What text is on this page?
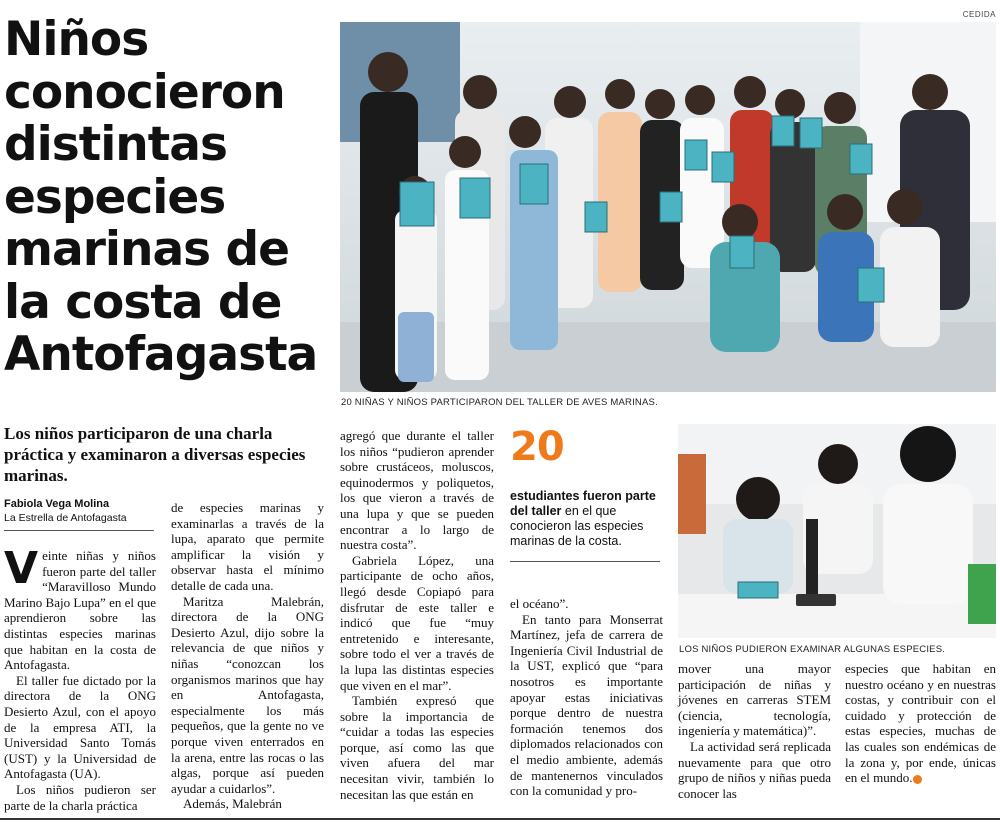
CEDIDA
Niños conocieron distintas especies marinas de la costa de Antofagasta
20 NIÑAS Y NIÑOS PARTICIPARON DEL TALLER DE AVES MARINAS.
Los niños participaron de una charla práctica y examinaron a diversas especies marinas.
Fabiola Vega Molina
La Estrella de Antofagasta

Veinte niñas y niños fueron parte del taller “Maravilloso Mundo Marino Bajo Lupa” en el que aprendieron sobre las distintas especies marinas que habitan en la costa de Antofagasta.

El taller fue dictado por la directora de la ONG Desierto Azul, con el apoyo de la empresa ATI, la Universidad Santo Tomás (UST) y la Universidad de Antofagasta (UA).

Los niños pudieron ser parte de la charla práctica

de especies marinas y examinarlas a través de la lupa, aparato que permite amplificar la visión y observar hasta el mínimo detalle de cada una.

Maritza Malebrán, directora de la ONG Desierto Azul, dijo sobre la relevancia de que niños y niñas “conozcan los organismos marinos que hay en Antofagasta, especialmente los más pequeños, que la gente no ve porque viven enterrados en la arena, entre las rocas o las algas, porque así pueden ayudar a cuidarlos”.

Además, Malebrán

agregó que durante el taller los niños “pudieron aprender sobre crustáceos, moluscos, equinodermos y poliquetos, los que vieron a través de una lupa y que se pueden encontrar a lo largo de nuestra costa”.

Gabriela López, una participante de ocho años, llegó desde Copiapó para disfrutar de este taller e indicó que fue “muy entretenido e interesante, sobre todo el ver a través de la lupa las distintas especies que viven en el mar”.

También expresó que sobre la importancia de “cuidar a todas las especies porque, así como las que viven afuera del mar necesitan vivir, también lo necesitan las que están en

20
estudiantes fueron parte del taller en el que conocieron las especies marinas de la costa.

el océano”.

En tanto para Monserrat Martínez, jefa de carrera de Ingeniería Civil Industrial de la UST, explicó que “para nosotros es importante apoyar estas iniciativas porque dentro de nuestra formación tenemos dos diplomados relacionados con el medio ambiente, además de mantenernos vinculados con la comunidad y pro-

LOS NIÑOS PUDIERON EXAMINAR ALGUNAS ESPECIES.

mover una mayor participación de niñas y jóvenes en carreras STEM (ciencia, tecnología, ingeniería y matemática)”.

La actividad será replicada nuevamente para que otro grupo de niños y niñas pueda conocer las

especies que habitan en nuestro océano y en nuestras costas, y contribuir con el cuidado y protección de estas especies, muchas de las cuales son endémicas de la zona y, por ende, únicas en el mundo.
